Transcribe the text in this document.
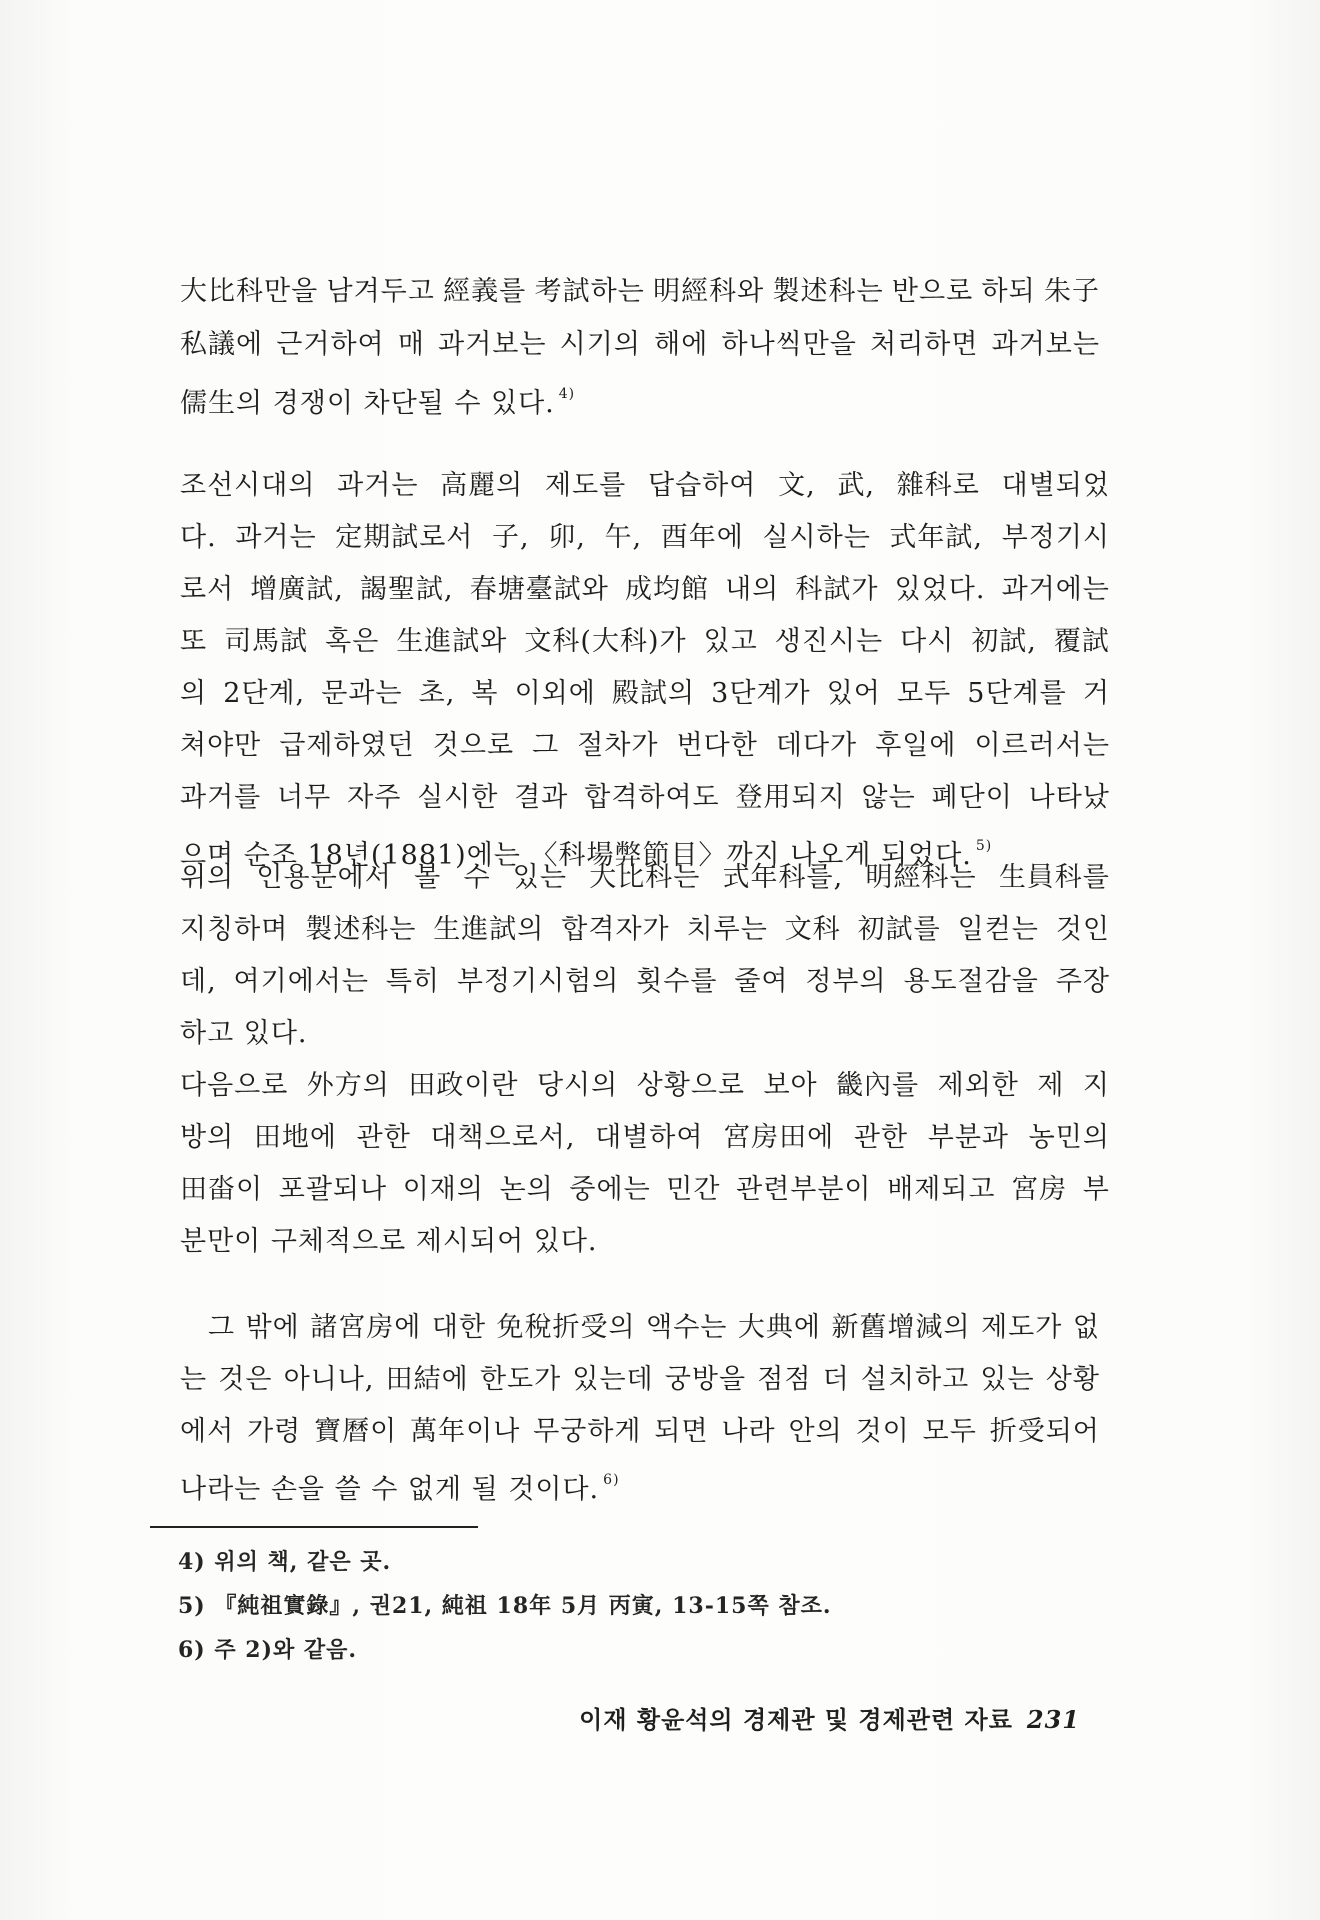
大比科만을 남겨두고 經義를 考試하는 明經科와 製述科는 반으로 하되 朱子
私議에 근거하여 매 과거보는 시기의 해에 하나씩만을 처리하면 과거보는
儒生의 경쟁이 차단될 수 있다. $^{4)}$
조선시대의 과거는 高麗의 제도를 답습하여 文, 武, 雜科로 대별되었
다. 과거는 定期試로서 子, 卯, 午, 酉年에 실시하는 式年試, 부정기시
로서 增廣試, 謁聖試, 春塘臺試와 成均館 내의 科試가 있었다. 과거에는
또 司馬試 혹은 生進試와 文科(大科)가 있고 생진시는 다시 初試, 覆試
의 2단계, 문과는 초, 복 이외에 殿試의 3단계가 있어 모두 5단계를 거
쳐야만 급제하였던 것으로 그 절차가 번다한 데다가 후일에 이르러서는
과거를 너무 자주 실시한 결과 합격하여도 登用되지 않는 폐단이 나타났
으며 순조 18년(1881)에는 〈科場弊節目〉까지 나오게 되었다. $^{5)}$
위의 인용문에서 볼 수 있는 大比科는 式年科를, 明經科는 生員科를
지칭하며 製述科는 生進試의 합격자가 치루는 文科 初試를 일컫는 것인
데, 여기에서는 특히 부정기시험의 횟수를 줄여 정부의 용도절감을 주장
하고 있다.
다음으로 外方의 田政이란 당시의 상황으로 보아 畿內를 제외한 제 지
방의 田地에 관한 대책으로서, 대별하여 宮房田에 관한 부분과 농민의
田畓이 포괄되나 이재의 논의 중에는 민간 관련부분이 배제되고 宮房 부
분만이 구체적으로 제시되어 있다.
그 밖에 諸宮房에 대한 免稅折受의 액수는 大典에 新舊增減의 제도가 없
는 것은 아니나, 田結에 한도가 있는데 궁방을 점점 더 설치하고 있는 상황
에서 가령 寶曆이 萬年이나 무궁하게 되면 나라 안의 것이 모두 折受되어
나라는 손을 쓸 수 없게 될 것이다. $^{6)}$
4) 위의 책, 같은 곳.
5) 『純祖實錄』, 권21, 純祖 18年 5月 丙寅, 13-15쪽 참조.
6) 주 2)와 같음.
이재 황윤석의 경제관 및 경제관련 자료 231
